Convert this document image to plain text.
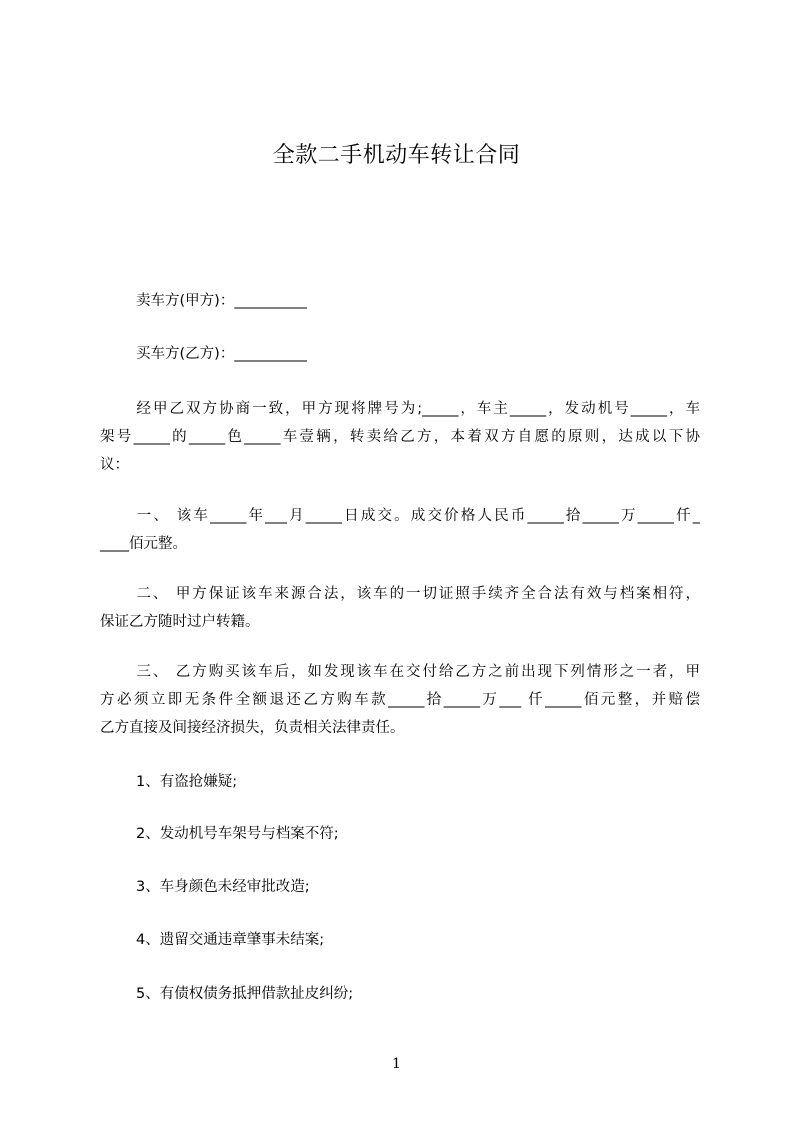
全款二手机动车转让合同
卖车方(甲方)：__________
买车方(乙方)：__________
　经甲乙双方协商一致，甲方现将牌号为;_____，车主_____，发动机号_____，车
架号_____的_____色_____车壹辆，转卖给乙方，本着双方自愿的原则，达成以下协
议：
　一、 该车_____年___月_____日成交。成交价格人民币_____拾_____万_____仟_
____佰元整。
　二、 甲方保证该车来源合法，该车的一切证照手续齐全合法有效与档案相符，
保证乙方随时过户转籍。
　三、 乙方购买该车后，如发现该车在交付给乙方之前出现下列情形之一者，甲
方必须立即无条件全额退还乙方购车款_____拾_____万___ 仟_____佰元整，并赔偿
乙方直接及间接经济损失，负责相关法律责任。
1、有盗抢嫌疑;
2、发动机号车架号与档案不符;
3、车身颜色未经审批改造;
4、遗留交通违章肇事未结案;
5、有债权债务抵押借款扯皮纠纷;
1
